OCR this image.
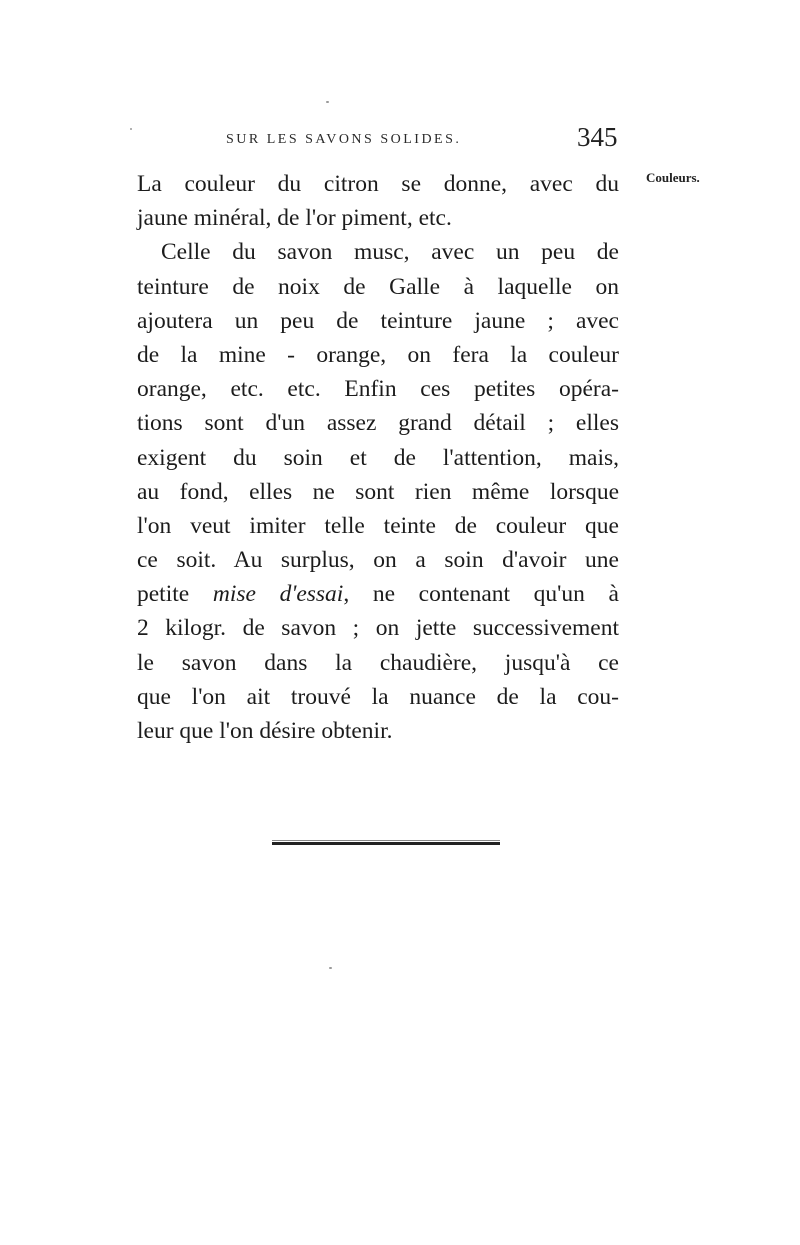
SUR LES SAVONS SOLIDES.	345
Couleurs.
La couleur du citron se donne, avec du
jaune minéral, de l'or piment, etc.
Celle du savon musc, avec un peu de
teinture de noix de Galle à laquelle on
ajoutera un peu de teinture jaune ; avec
de la mine - orange, on fera la couleur
orange, etc. etc. Enfin ces petites opéra-
tions sont d'un assez grand détail ; elles
exigent du soin et de l'attention, mais,
au fond, elles ne sont rien même lorsque
l'on veut imiter telle teinte de couleur que
ce soit. Au surplus, on a soin d'avoir une
petite mise d'essai, ne contenant qu'un à
2 kilogr. de savon ; on jette successivement
le savon dans la chaudière, jusqu'à ce
que l'on ait trouvé la nuance de la cou-
leur que l'on désire obtenir.
